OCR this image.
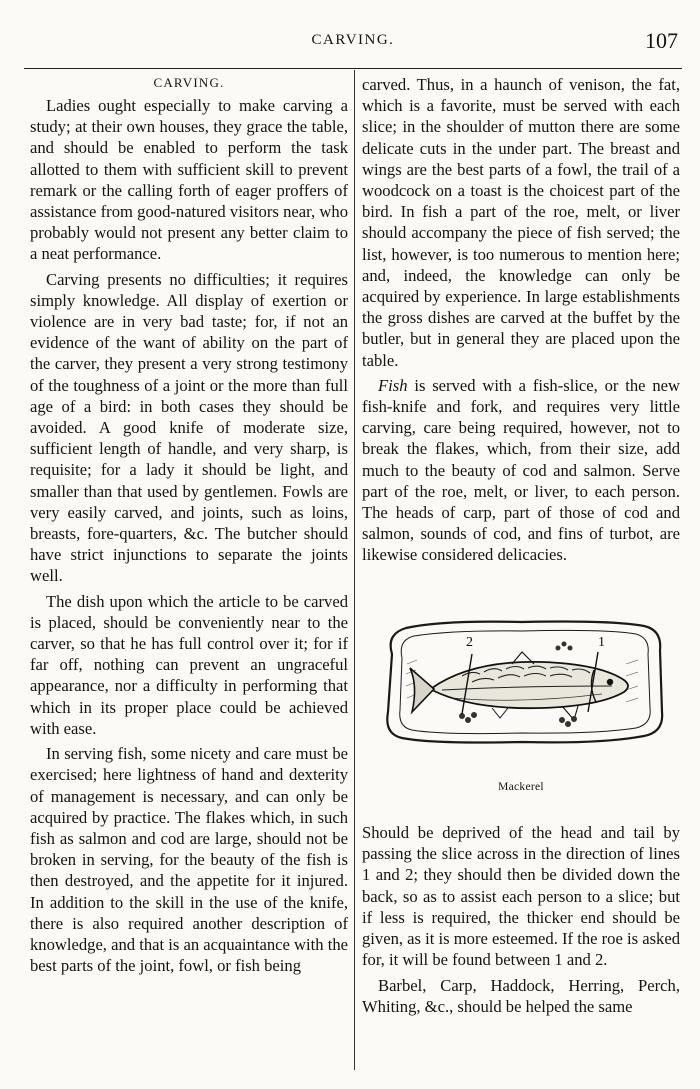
CARVING.	107
CARVING.

Ladies ought especially to make carving a study; at their own houses, they grace the table, and should be enabled to perform the task allotted to them with sufficient skill to prevent remark or the calling forth of eager proffers of assistance from good-natured visitors near, who probably would not present any better claim to a neat performance.

Carving presents no difficulties; it requires simply knowledge. All display of exertion or violence are in very bad taste; for, if not an evidence of the want of ability on the part of the carver, they present a very strong testimony of the toughness of a joint or the more than full age of a bird: in both cases they should be avoided. A good knife of moderate size, sufficient length of handle, and very sharp, is requisite; for a lady it should be light, and smaller than that used by gentlemen. Fowls are very easily carved, and joints, such as loins, breasts, fore-quarters, &c. The butcher should have strict injunctions to separate the joints well.

The dish upon which the article to be carved is placed, should be conveniently near to the carver, so that he has full control over it; for if far off, nothing can prevent an ungraceful appearance, nor a difficulty in performing that which in its proper place could be achieved with ease.

In serving fish, some nicety and care must be exercised; here lightness of hand and dexterity of management is necessary, and can only be acquired by practice. The flakes which, in such fish as salmon and cod are large, should not be broken in serving, for the beauty of the fish is then destroyed, and the appetite for it injured. In addition to the skill in the use of the knife, there is also required another description of knowledge, and that is an acquaintance with the best parts of the joint, fowl, or fish being

carved. Thus, in a haunch of venison, the fat, which is a favorite, must be served with each slice; in the shoulder of mutton there are some delicate cuts in the under part. The breast and wings are the best parts of a fowl, the trail of a woodcock on a toast is the choicest part of the bird. In fish a part of the roe, melt, or liver should accompany the piece of fish served; the list, however, is too numerous to mention here; and, indeed, the knowledge can only be acquired by experience. In large establishments the gross dishes are carved at the buffet by the butler, but in general they are placed upon the table.

Fish is served with a fish-slice, or the new fish-knife and fork, and requires very little carving, care being required, however, not to break the flakes, which, from their size, add much to the beauty of cod and salmon. Serve part of the roe, melt, or liver, to each person. The heads of carp, part of those of cod and salmon, sounds of cod, and fins of turbot, are likewise considered delicacies.

2	1
Mackerel

Should be deprived of the head and tail by passing the slice across in the direction of lines 1 and 2; they should then be divided down the back, so as to assist each person to a slice; but if less is required, the thicker end should be given, as it is more esteemed. If the roe is asked for, it will be found between 1 and 2.

Barbel, Carp, Haddock, Herring, Perch, Whiting, &c., should be helped the same
